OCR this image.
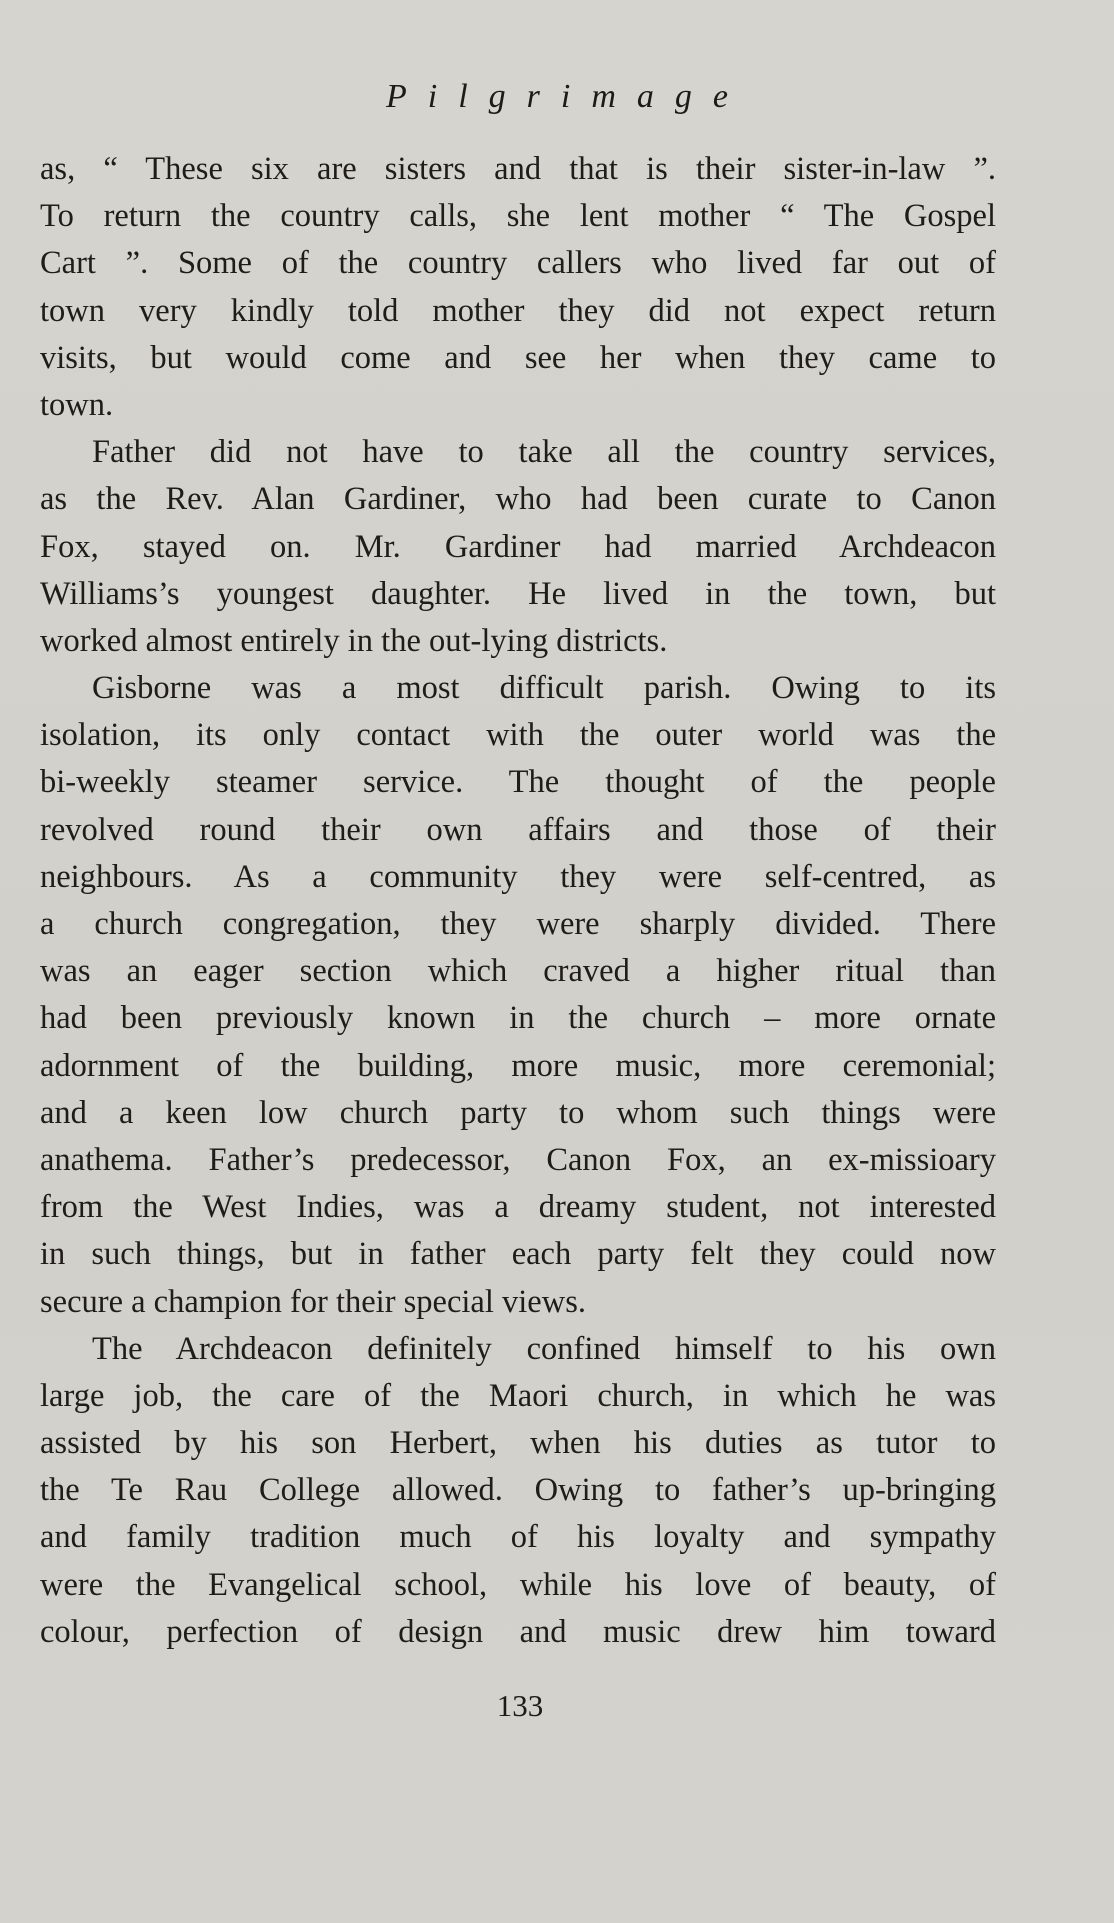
Pilgrimage
as, “ These six are sisters and that is their sister-in-law ”.
To return the country calls, she lent mother “ The Gospel
Cart ”. Some of the country callers who lived far out of
town very kindly told mother they did not expect return
visits, but would come and see her when they came to
town.
Father did not have to take all the country services,
as the Rev. Alan Gardiner, who had been curate to Canon
Fox, stayed on. Mr. Gardiner had married Archdeacon
Williams’s youngest daughter. He lived in the town, but
worked almost entirely in the out-lying districts.
Gisborne was a most difficult parish. Owing to its
isolation, its only contact with the outer world was the
bi-weekly steamer service. The thought of the people
revolved round their own affairs and those of their
neighbours. As a community they were self-centred, as
a church congregation, they were sharply divided. There
was an eager section which craved a higher ritual than
had been previously known in the church – more ornate
adornment of the building, more music, more ceremonial;
and a keen low church party to whom such things were
anathema. Father’s predecessor, Canon Fox, an ex-missioary
from the West Indies, was a dreamy student, not interested
in such things, but in father each party felt they could now
secure a champion for their special views.
The Archdeacon definitely confined himself to his own
large job, the care of the Maori church, in which he was
assisted by his son Herbert, when his duties as tutor to
the Te Rau College allowed. Owing to father’s up-bringing
and family tradition much of his loyalty and sympathy
were the Evangelical school, while his love of beauty, of
colour, perfection of design and music drew him toward
133
